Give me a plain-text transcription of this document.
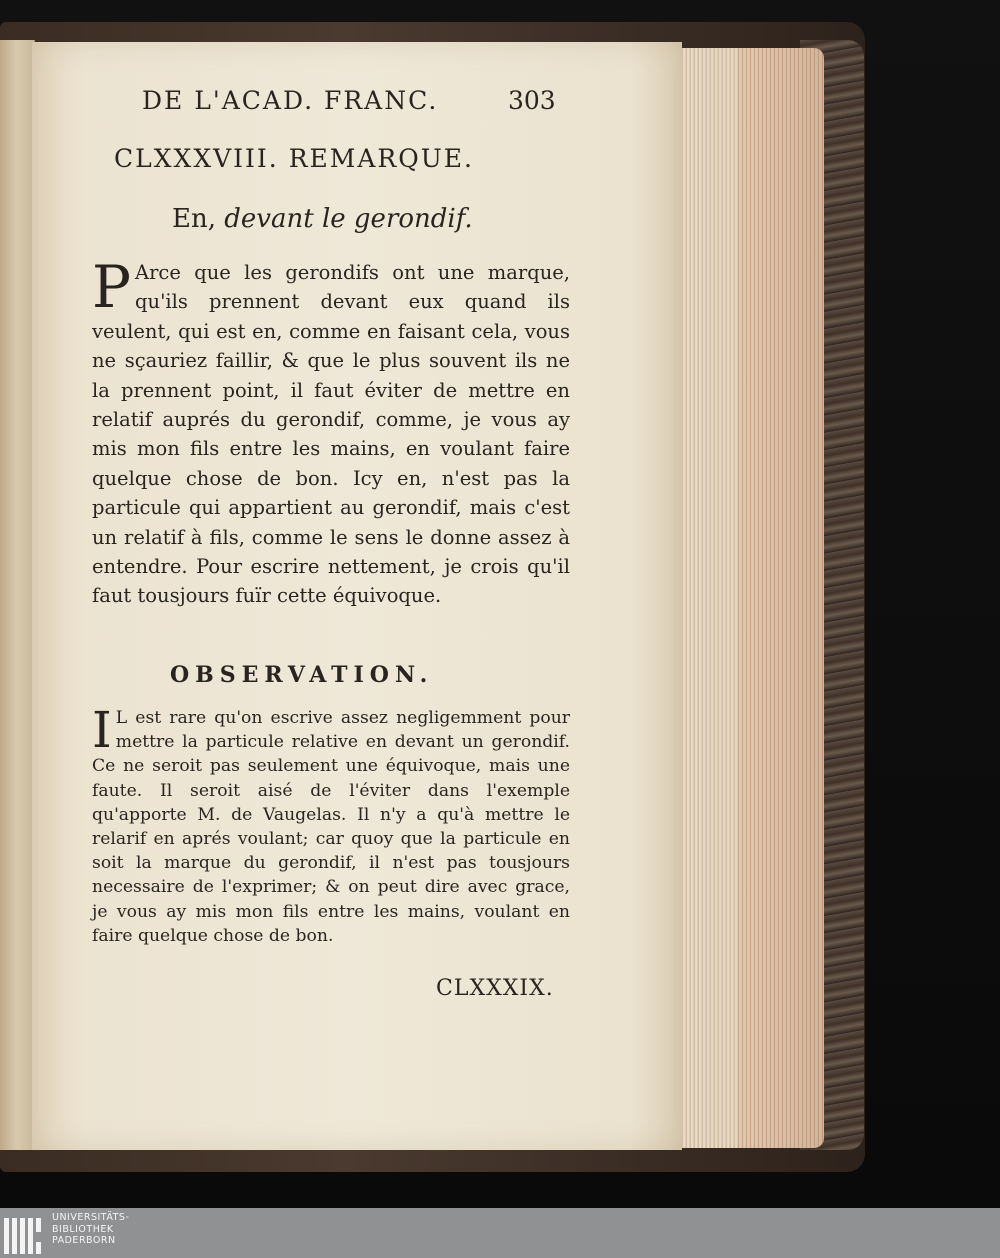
DE L'ACAD. FRANC.	303
CLXXXVIII. REMARQUE.
En, devant le gerondif.
P Arce que les gerondifs ont une marque, qu'ils prennent devant eux quand ils veulent, qui est en, comme en faisant cela, vous ne sçauriez faillir, & que le plus souvent ils ne la prennent point, il faut éviter de mettre en relatif auprés du gerondif, comme, je vous ay mis mon fils entre les mains, en voulant faire quelque chose de bon. Icy en, n'est pas la particule qui appartient au gerondif, mais c'est un relatif à fils, comme le sens le donne assez à entendre. Pour escrire nettement, je crois qu'il faut tousjours fuïr cette équivoque.
OBSERVATION.
I L est rare qu'on escrive assez negligemment pour mettre la particule relative en devant un gerondif. Ce ne seroit pas seulement une équivoque, mais une faute. Il seroit aisé de l'éviter dans l'exemple qu'apporte M. de Vaugelas. Il n'y a qu'à mettre le relarif en aprés voulant; car quoy que la particule en soit la marque du gerondif, il n'est pas tousjours necessaire de l'exprimer; & on peut dire avec grace, je vous ay mis mon fils entre les mains, voulant en faire quelque chose de bon.
CLXXXIX.
UNIVERSITÄTS-
BIBLIOTHEK
PADERBORN
